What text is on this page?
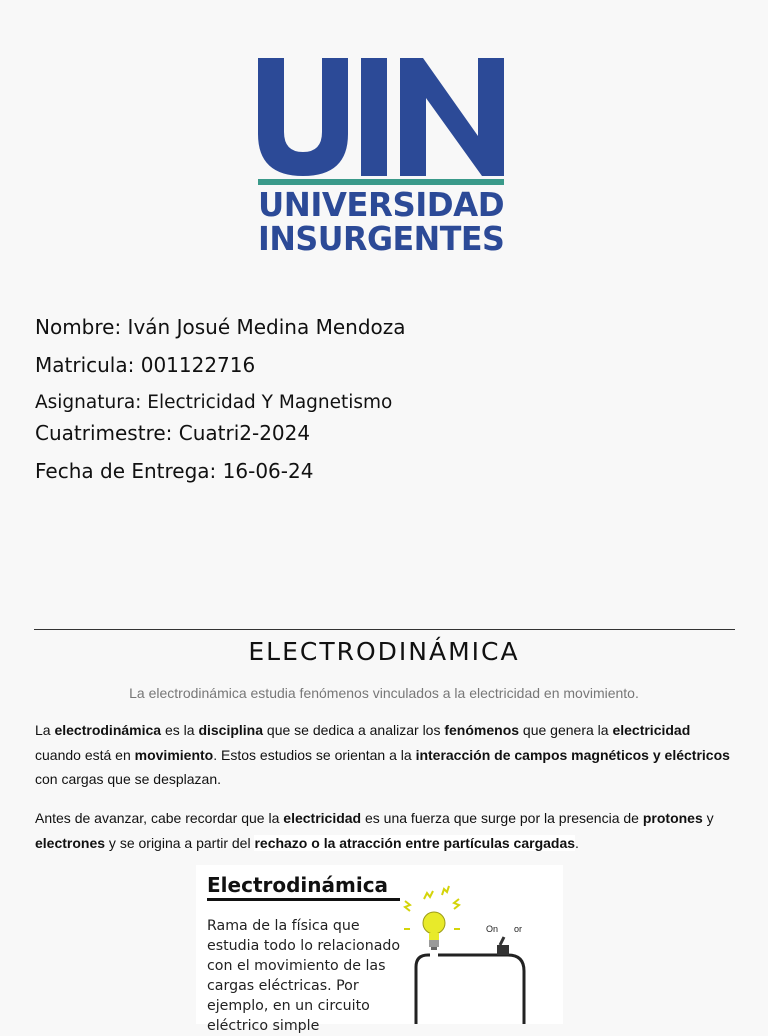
UNIVERSIDAD
INSURGENTES
Nombre: Iván Josué Medina Mendoza
Matricula: 001122716
Asignatura: Electricidad Y Magnetismo
Cuatrimestre: Cuatri2-2024
Fecha de Entrega: 16-06-24
ELECTRODINÁMICA
La electrodinámica estudia fenómenos vinculados a la electricidad en movimiento.
La electrodinámica es la disciplina que se dedica a analizar los fenómenos que genera la electricidad cuando está en movimiento. Estos estudios se orientan a la interacción de campos magnéticos y eléctricos con cargas que se desplazan.
Antes de avanzar, cabe recordar que la electricidad es una fuerza que surge por la presencia de protones y electrones y se origina a partir del rechazo o la atracción entre partículas cargadas.
Electrodinámica
Rama de la física que
estudia todo lo relacionado
con el movimiento de las
cargas eléctricas. Por
ejemplo, en un circuito
eléctrico simple
On or
